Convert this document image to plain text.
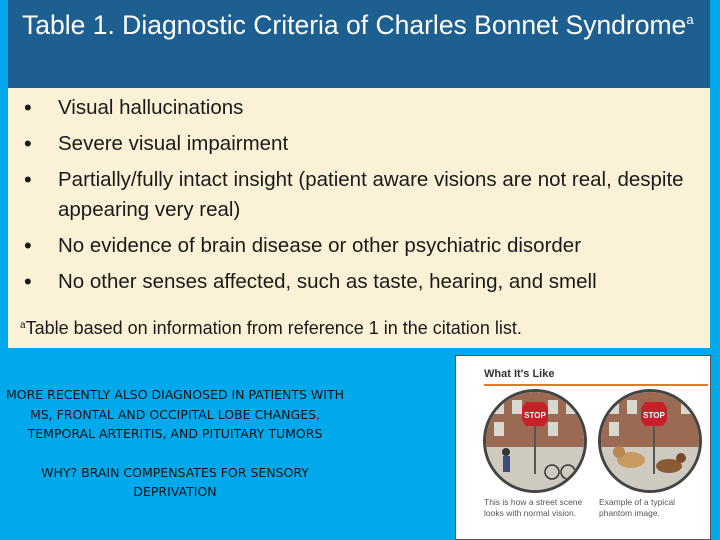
Table 1. Diagnostic Criteria of Charles Bonnet Syndrome$^a$
• Visual hallucinations
• Severe visual impairment
• Partially/fully intact insight (patient aware visions are not real, despite appearing very real)
• No evidence of brain disease or other psychiatric disorder
• No other senses affected, such as taste, hearing, and smell

$^a$Table based on information from reference 1 in the citation list.

MORE RECENTLY ALSO DIAGNOSED IN PATIENTS WITH MS, FRONTAL AND OCCIPITAL LOBE CHANGES, TEMPORAL ARTERITIS, AND PITUITARY TUMORS

WHY? BRAIN COMPENSATES FOR SENSORY DEPRIVATION

What It's Like
STOP	STOP
This is how a street scene looks with normal vision.
Example of a typical phantom image.
